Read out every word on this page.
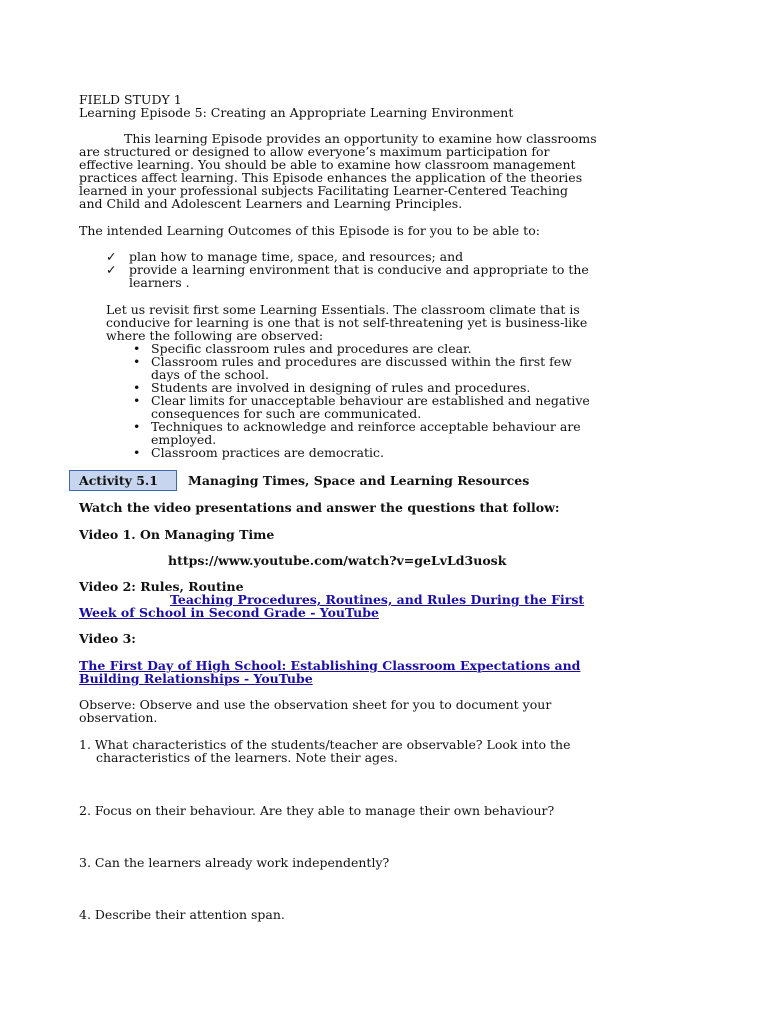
FIELD STUDY 1
Learning Episode 5: Creating an Appropriate Learning Environment

This learning Episode provides an opportunity to examine how classrooms

are structured or designed to allow everyone’s maximum participation for

effective learning. You should be able to examine how classroom management

practices affect learning. This Episode enhances the application of the theories

learned in your professional subjects Facilitating Learner-Centered Teaching

and Child and Adolescent Learners and Learning Principles.

The intended Learning Outcomes of this Episode is for you to be able to:
✓ plan how to manage time, space, and resources; and
✓ provide a learning environment that is conducive and appropriate to the
learners .
Let us revisit first some Learning Essentials. The classroom climate that is
conducive for learning is one that is not self-threatening yet is business-like
where the following are observed:
• Specific classroom rules and procedures are clear.
• Classroom rules and procedures are discussed within the first few
days of the school.
• Students are involved in designing of rules and procedures.
• Clear limits for unacceptable behaviour are established and negative
consequences for such are communicated.
• Techniques to acknowledge and reinforce acceptable behaviour are
employed.
• Classroom practices are democratic.
Activity 5.1	Managing Times, Space and Learning Resources
Watch the video presentations and answer the questions that follow:
Video 1. On Managing Time
https://www.youtube.com/watch?v=geLvLd3uosk
Video 2: Rules, Routine
Teaching Procedures, Routines, and Rules During the First
Week of School in Second Grade - YouTube
Video 3:
The First Day of High School: Establishing Classroom Expectations and
Building Relationships - YouTube
Observe: Observe and use the observation sheet for you to document your
observation.
1. What characteristics of the students/teacher are observable? Look into the
characteristics of the learners. Note their ages.
2. Focus on their behaviour. Are they able to manage their own behaviour?
3. Can the learners already work independently?
4. Describe their attention span.
